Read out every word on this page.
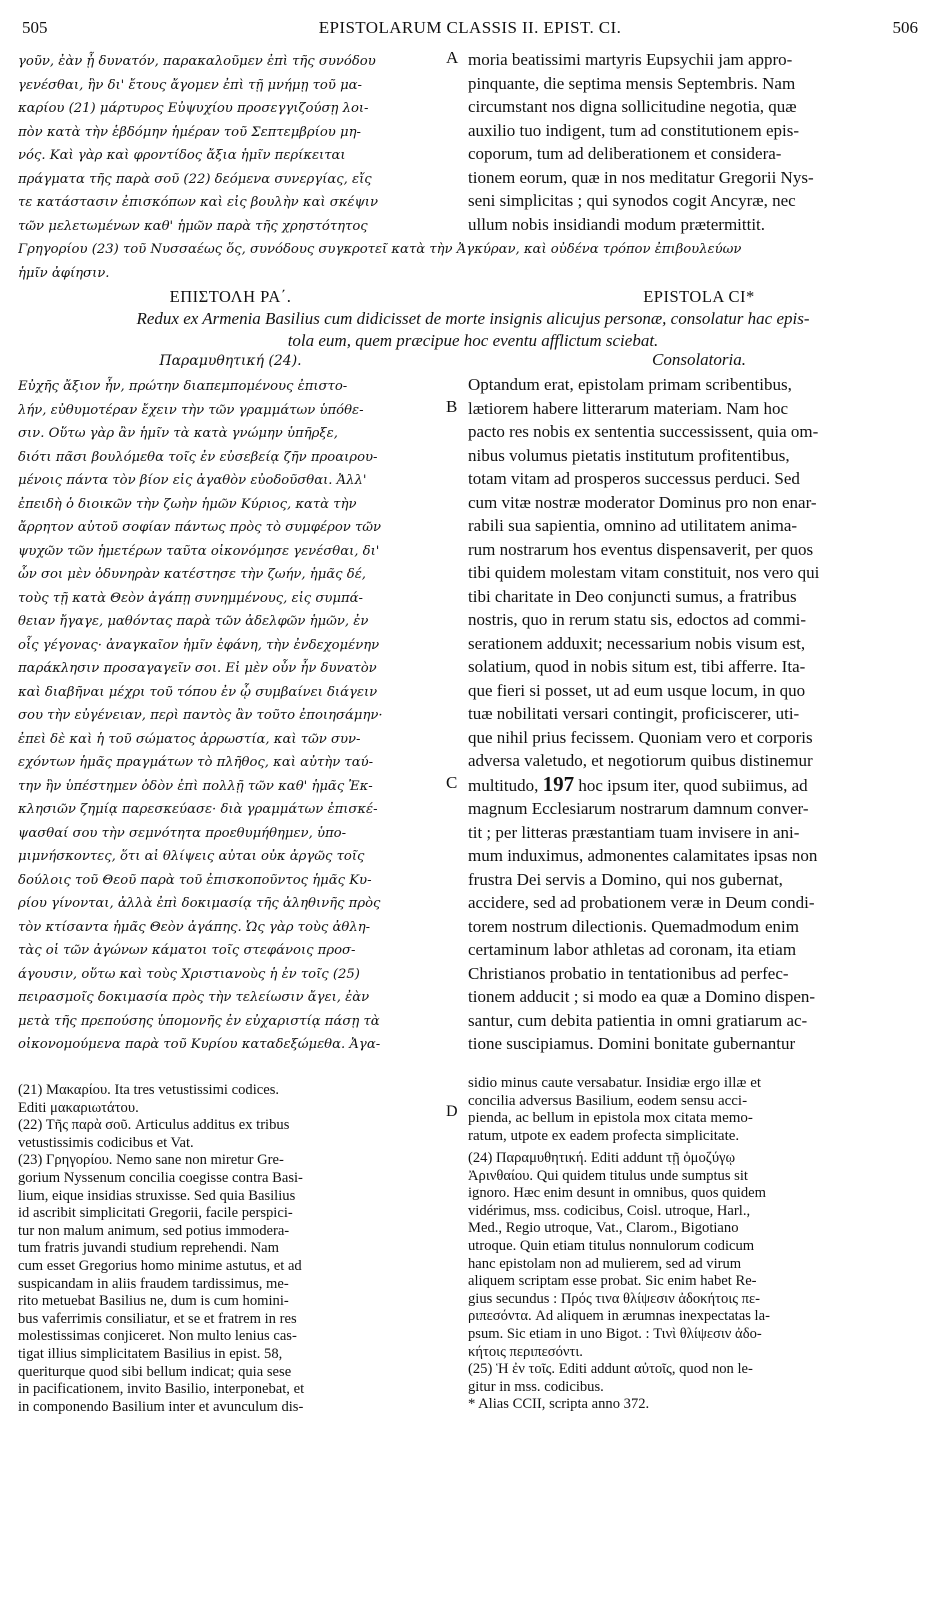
505	EPISTOLARUM CLASSIS II. EPIST. CI.	506

γοῦν, ἐὰν ᾖ δυνατόν, παρακαλοῦμεν ἐπὶ τῆς συνόδου

γενέσθαι, ἣν δι' ἔτους ἄγομεν ἐπὶ τῇ μνήμῃ τοῦ μα-

καρίου (21) μάρτυρος Εὐψυχίου προσεγγιζούσῃ λοι-

πὸν κατὰ τὴν ἑβδόμην ἡμέραν τοῦ Σεπτεμβρίου μη-

νός. Καὶ γὰρ καὶ φροντίδος ἄξια ἡμῖν περίκειται

πράγματα τῆς παρὰ σοῦ (22) δεόμενα συνεργίας, εἴς

τε κατάστασιν ἐπισκόπων καὶ εἰς βουλὴν καὶ σκέψιν

τῶν μελετωμένων καθ' ἡμῶν παρὰ τῆς χρηστότητος

moria beatissimi martyris Eupsychii jam appro-

pinquante, die septima mensis Septembris. Nam

circumstant nos digna sollicitudine negotia, quæ

auxilio tuo indigent, tum ad constitutionem epis-

coporum, tum ad deliberationem et considera-

tionem eorum, quæ in nos meditatur Gregorii Nys-

seni simplicitas ; qui synodos cogit Ancyræ, nec

ullum nobis insidiandi modum prætermittit.

A

Γρηγορίου (23) τοῦ Νυσσαέως ὅς, συνόδους συγκροτεῖ κατὰ τὴν Ἀγκύραν, καὶ οὐδένα τρόπον ἐπιβουλεύων

ἡμῖν ἀφίησιν.

ΕΠΙΣΤΟΛΗ ΡΑ΄.	EPISTOLA CI*

Redux ex Armenia Basilius cum didicisset de morte insignis alicujus personæ, consolatur hac epis-

tola eum, quem præcipue hoc eventu afflictum sciebat.

Παραμυθητική (24).	Consolatoria.

Εὐχῆς ἄξιον ἦν, πρώτην διαπεμπομένους ἐπιστο-

λήν, εὐθυμοτέραν ἔχειν τὴν τῶν γραμμάτων ὑπόθε-

σιν. Οὕτω γὰρ ἂν ἡμῖν τὰ κατὰ γνώμην ὑπῆρξε,

διότι πᾶσι βουλόμεθα τοῖς ἐν εὐσεβείᾳ ζῆν προαιρου-

μένοις πάντα τὸν βίον εἰς ἀγαθὸν εὐοδοῦσθαι. Ἀλλ'

ἐπειδὴ ὁ διοικῶν τὴν ζωὴν ἡμῶν Κύριος, κατὰ τὴν

ἄρρητον αὐτοῦ σοφίαν πάντως πρὸς τὸ συμφέρον τῶν

ψυχῶν τῶν ἡμετέρων ταῦτα οἰκονόμησε γενέσθαι, δι'

ὧν σοι μὲν ὀδυνηρὰν κατέστησε τὴν ζωήν, ἡμᾶς δέ,

τοὺς τῇ κατὰ Θεὸν ἀγάπῃ συνημμένους, εἰς συμπά-

θειαν ἤγαγε, μαθόντας παρὰ τῶν ἀδελφῶν ἡμῶν, ἐν

οἷς γέγονας· ἀναγκαῖον ἡμῖν ἐφάνη, τὴν ἐνδεχομένην

παράκλησιν προσαγαγεῖν σοι. Εἰ μὲν οὖν ἦν δυνατὸν

καὶ διαβῆναι μέχρι τοῦ τόπου ἐν ᾧ συμβαίνει διάγειν

σου τὴν εὐγένειαν, περὶ παντὸς ἂν τοῦτο ἐποιησάμην·

ἐπεὶ δὲ καὶ ἡ τοῦ σώματος ἀρρωστία, καὶ τῶν συν-

εχόντων ἡμᾶς πραγμάτων τὸ πλῆθος, καὶ αὐτὴν ταύ-

την ἣν ὑπέστημεν ὁδὸν ἐπὶ πολλῇ τῶν καθ' ἡμᾶς Ἐκ-

κλησιῶν ζημίᾳ παρεσκεύασε· διὰ γραμμάτων ἐπισκέ-

ψασθαί σου τὴν σεμνότητα προεθυμήθημεν, ὑπο-

μιμνήσκοντες, ὅτι αἱ θλίψεις αὐται οὐκ ἀργῶς τοῖς

δούλοις τοῦ Θεοῦ παρὰ τοῦ ἐπισκοποῦντος ἡμᾶς Κυ-

ρίου γίνονται, ἀλλὰ ἐπὶ δοκιμασίᾳ τῆς ἀληθινῆς πρὸς

τὸν κτίσαντα ἡμᾶς Θεὸν ἀγάπης. Ὡς γὰρ τοὺς ἀθλη-

τὰς οἱ τῶν ἀγώνων κάματοι τοῖς στεφάνοις προσ-

άγουσιν, οὕτω καὶ τοὺς Χριστιανοὺς ἡ ἐν τοῖς (25)

πειρασμοῖς δοκιμασία πρὸς τὴν τελείωσιν ἄγει, ἐὰν

μετὰ τῆς πρεπούσης ὑπομονῆς ἐν εὐχαριστίᾳ πάσῃ τὰ

οἰκονομούμενα παρὰ τοῦ Κυρίου καταδεξώμεθα. Ἀγα-

Optandum erat, epistolam primam scribentibus,

lætiorem habere litterarum materiam. Nam hoc

pacto res nobis ex sententia successissent, quia om-

nibus volumus pietatis institutum profitentibus,

totam vitam ad prosperos successus perduci. Sed

cum vitæ nostræ moderator Dominus pro non enar-

rabili sua sapientia, omnino ad utilitatem anima-

rum nostrarum hos eventus dispensaverit, per quos

tibi quidem molestam vitam constituit, nos vero qui

tibi charitate in Deo conjuncti sumus, a fratribus

nostris, quo in rerum statu sis, edoctos ad commi-

serationem adduxit; necessarium nobis visum est,

solatium, quod in nobis situm est, tibi afferre. Ita-

que fieri si posset, ut ad eum usque locum, in quo

tuæ nobilitati versari contingit, proficiscerer, uti-

que nihil prius fecissem. Quoniam vero et corporis

adversa valetudo, et negotiorum quibus distinemur

multitudo, 197 hoc ipsum iter, quod subiimus, ad

magnum Ecclesiarum nostrarum damnum conver-

tit ; per litteras præstantiam tuam invisere in ani-

mum induximus, admonentes calamitates ipsas non

frustra Dei servis a Domino, qui nos gubernat,

accidere, sed ad probationem veræ in Deum condi-

torem nostrum dilectionis. Quemadmodum enim

certaminum labor athletas ad coronam, ita etiam

Christianos probatio in tentationibus ad perfec-

tionem adducit ; si modo ea quæ a Domino dispen-

santur, cum debita patientia in omni gratiarum ac-

tione suscipiamus. Domini bonitate gubernantur

B
C

(21) Μακαρίου. Ita tres vetustissimi codices.

Editi μακαριωτάτου.

(22) Τῆς παρὰ σοῦ. Articulus additus ex tribus

vetustissimis codicibus et Vat.

(23) Γρηγορίου. Nemo sane non miretur Gre-

gorium Nyssenum concilia coegisse contra Basi-

lium, eique insidias struxisse. Sed quia Basilius

id ascribit simplicitati Gregorii, facile perspici-

tur non malum animum, sed potius immodera-

tum fratris juvandi studium reprehendi. Nam

cum esset Gregorius homo minime astutus, et ad

suspicandam in aliis fraudem tardissimus, me-

rito metuebat Basilius ne, dum is cum homini-

bus vaferrimis consiliatur, et se et fratrem in res

molestissimas conjiceret. Non multo lenius cas-

tigat illius simplicitatem Basilius in epist. 58,

queriturque quod sibi bellum indicat; quia sese

in pacificationem, invito Basilio, interponebat, et

in componendo Basilium inter et avunculum dis-

sidio minus caute versabatur. Insidiæ ergo illæ et

concilia adversus Basilium, eodem sensu acci-

pienda, ac bellum in epistola mox citata memo-

ratum, utpote ex eadem profecta simplicitate.

D

(24) Παραμυθητική. Editi addunt τῇ ὁμοζύγῳ

Ἀρινθαίου. Qui quidem titulus unde sumptus sit

ignoro. Hæc enim desunt in omnibus, quos quidem

vidérimus, mss. codicibus, Coisl. utroque, Harl.,

Med., Regio utroque, Vat., Clarom., Bigotiano

utroque. Quin etiam titulus nonnulorum codicum

hanc epistolam non ad mulierem, sed ad virum

aliquem scriptam esse probat. Sic enim habet Re-

gius secundus : Πρός τινα θλίψεσιν ἀδοκήτοις πε-

ριπεσόντα. Ad aliquem in ærumnas inexpectatas la-

psum. Sic etiam in uno Bigot. : Τινὶ θλίψεσιν ἀδο-

κήτοις περιπεσόντι.

(25) Ἡ ἐν τοῖς. Editi addunt αὐτοῖς, quod non le-

gitur in mss. codicibus.

* Alias CCII, scripta anno 372.
